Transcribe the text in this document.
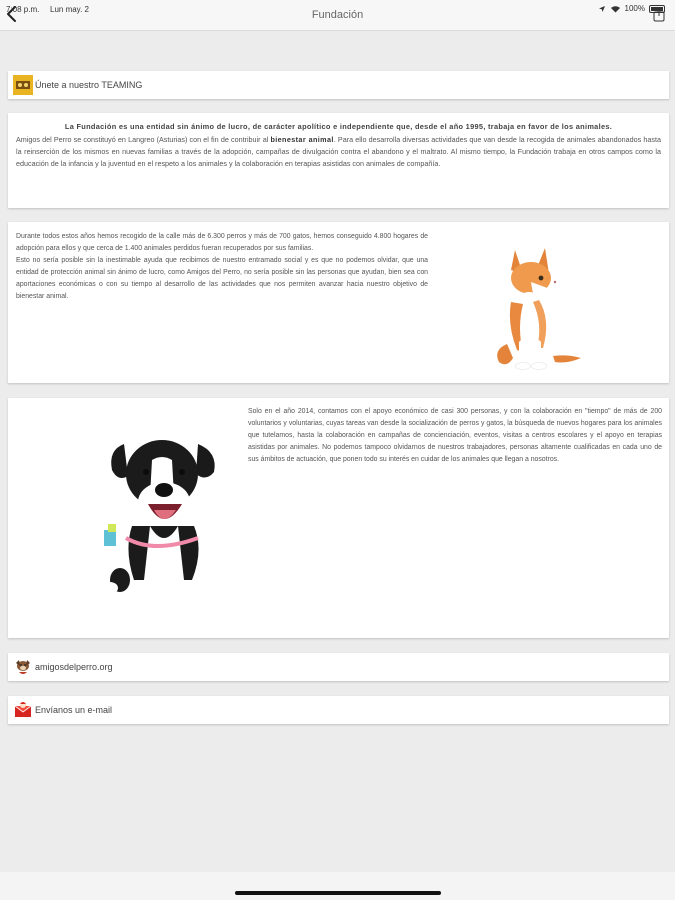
7:08 p.m. Lun may. 2	100%
Fundación
Únete a nuestro TEAMING
La Fundación es una entidad sin ánimo de lucro, de carácter apolítico e independiente que, desde el año 1995, trabaja en favor de los animales.
Amigos del Perro se constituyó en Langreo (Asturias) con el fin de contribuir al bienestar animal. Para ello desarrolla diversas actividades que van desde la recogida de animales abandonados hasta la reinserción de los mismos en nuevas familias a través de la adopción, campañas de divulgación contra el abandono y el maltrato. Al mismo tiempo, la Fundación trabaja en otros campos como la educación de la infancia y la juventud en el respeto a los animales y la colaboración en terapias asistidas con animales de compañía.
Durante todos estos años hemos recogido de la calle más de 6.300 perros y más de 700 gatos, hemos conseguido 4.800 hogares de adopción para ellos y que cerca de 1.400 animales perdidos fueran recuperados por sus familias.
Esto no sería posible sin la inestimable ayuda que recibimos de nuestro entramado social y es que no podemos olvidar, que una entidad de protección animal sin ánimo de lucro, como Amigos del Perro, no sería posible sin las personas que ayudan, bien sea con aportaciones económicas o con su tiempo al desarrollo de las actividades que nos permiten avanzar hacia nuestro objetivo de bienestar animal.
Solo en el año 2014, contamos con el apoyo económico de casi 300 personas, y con la colaboración en "tiempo" de más de 200 voluntarios y voluntarias, cuyas tareas van desde la socialización de perros y gatos, la búsqueda de nuevos hogares para los animales que tutelamos, hasta la colaboración en campañas de concienciación, eventos, visitas a centros escolares y el apoyo en terapias asistidas por animales. No podemos tampoco olvidarnos de nuestros trabajadores, personas altamente cualificadas en cada uno de sus ámbitos de actuación, que ponen todo su interés en cuidar de los animales que llegan a nosotros.
amigosdelperro.org
Envíanos un e-mail
